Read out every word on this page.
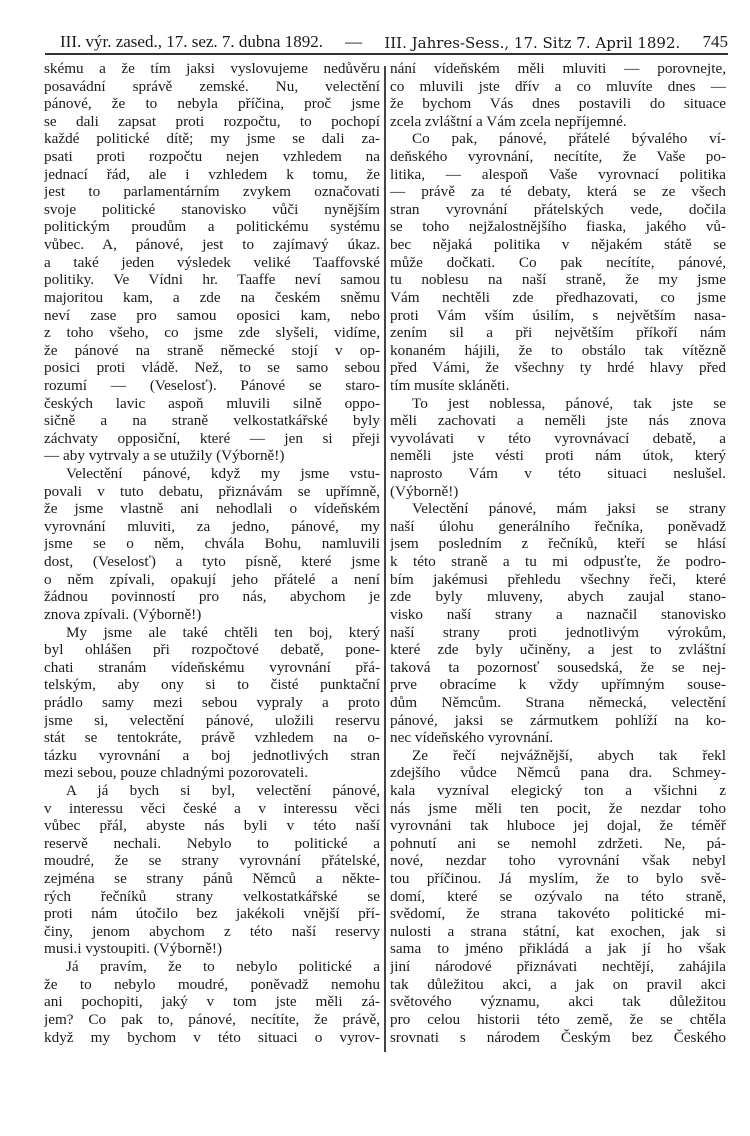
III. výr. zased., 17. sez. 7. dubna 1892. — III. Jahres-Sess., 17. Sitz 7. April 1892. 745
skému a že tím jaksi vyslovujeme nedůvěru
posavádní správě zemské. Nu, velectění
pánové, že to nebyla příčina, proč jsme
se dali zapsat proti rozpočtu, to pochopí
každé politické dítě; my jsme se dali za-
psati proti rozpočtu nejen vzhledem na
jednací řád, ale i vzhledem k tomu, že
jest to parlamentárním zvykem označovati
svoje politické stanovisko vůči nynějším
politickým proudům a politickému systému
vůbec. A, pánové, jest to zajímavý úkaz.
a také jeden výsledek veliké Taaffovské
politiky. Ve Vídni hr. Taaffe neví samou
majoritou kam, a zde na českém sněmu
neví zase pro samou oposici kam, nebo
z toho všeho, co jsme zde slyšeli, vidíme,
že pánové na straně německé stojí v op-
posici proti vládě. Než, to se samo sebou
rozumí — (Veselosť). Pánové se staro-
českých lavic aspoň mluvili silně oppo-
sičně a na straně velkostatkářské byly
záchvaty opposiční, které — jen si přeji
— aby vytrvaly a se utužily (Výborně!)
Velectění pánové, když my jsme vstu-
povali v tuto debatu, přiznávám se upřímně,
že jsme vlastně ani nehodlali o vídeňském
vyrovnání mluviti, za jedno, pánové, my
jsme se o něm, chvála Bohu, namluvili
dost, (Veselosť) a tyto písně, které jsme
o něm zpívali, opakují jeho přátelé a není
žádnou povinností pro nás, abychom je
znova zpívali. (Výborně!)
My jsme ale také chtěli ten boj, který
byl ohlášen při rozpočtové debatě, pone-
chati stranám vídeňskému vyrovnání přá-
telským, aby ony si to čisté punktační
prádlo samy mezi sebou vypraly a proto
jsme si, velectění pánové, uložili reservu
stát se tentokráte, právě vzhledem na o-
tázku vyrovnání a boj jednotlivých stran
mezi sebou, pouze chladnými pozorovateli.
A já bych si byl, velectění pánové,
v interessu věci české a v interessu věci
vůbec přál, abyste nás byli v této naší
reservě nechali. Nebylo to politické a
moudré, že se strany vyrovnání přátelské,
zejména se strany pánů Němců a někte-
rých řečníků strany velkostatkářské se
proti nám útočilo bez jakékoli vnější pří-
činy, jenom abychom z této naší reservy
musi.i vystoupiti. (Výborně!)
Já pravím, že to nebylo politické a
že to nebylo moudré, poněvadž nemohu
ani pochopiti, jaký v tom jste měli zá-
jem? Co pak to, pánové, necítíte, že právě,
když my bychom v této situaci o vyrov-
nání vídeňském měli mluviti — porovnejte,
co mluvili jste dřív a co mluvíte dnes —
že bychom Vás dnes postavili do situace
zcela zvláštní a Vám zcela nepříjemné.
Co pak, pánové, přátelé bývalého ví-
deňského vyrovnání, necítíte, že Vaše po-
litika, — alespoň Vaše vyrovnací politika
— právě za té debaty, která se ze všech
stran vyrovnání přátelských vede, dočila
se toho nejžalostnějšího fiaska, jakého vů-
bec nějaká politika v nějakém státě se
může dočkati. Co pak necítíte, pánové,
tu noblesu na naší straně, že my jsme
Vám nechtěli zde předhazovati, co jsme
proti Vám vším úsilím, s největším nasa-
zením sil a při největším příkoří nám
konaném hájili, že to obstálo tak vítězně
před Vámi, že všechny ty hrdé hlavy před
tím musíte skláněti.
To jest noblessa, pánové, tak jste se
měli zachovati a neměli jste nás znova
vyvolávati v této vyrovnávací debatě, a
neměli jste vésti proti nám útok, který
naprosto Vám v této situaci neslušel.
(Výborně!)
Velectění pánové, mám jaksi se strany
naší úlohu generálního řečníka, poněvadž
jsem posledním z řečníků, kteří se hlásí
k této straně a tu mi odpusťte, že podro-
bím jakémusi přehledu všechny řeči, které
zde byly mluveny, abych zaujal stano-
visko naší strany a naznačil stanovisko
naší strany proti jednotlivým výrokům,
které zde byly učiněny, a jest to zvláštní
taková ta pozornosť sousedská, že se nej-
prve obracíme k vždy upřímným souse-
dům Němcům. Strana německá, velectění
pánové, jaksi se zármutkem pohlíží na ko-
nec vídeňského vyrovnání.
Ze řečí nejvážnější, abych tak řekl
zdejšího vůdce Němců pana dra. Schmey-
kala vyzníval elegický ton a všichni z
nás jsme měli ten pocit, že nezdar toho
vyrovnáni tak hluboce jej dojal, že téměř
pohnutí ani se nemohl zdržeti. Ne, pá-
nové, nezdar toho vyrovnání však nebyl
tou příčinou. Já myslím, že to bylo svě-
domí, které se ozývalo na této straně,
svědomí, že strana takovéto politické mi-
nulosti a strana státní, kat exochen, jak si
sama to jméno přikládá a jak jí ho však
jiní národové přiznávati nechtějí, zahájila
tak důležitou akci, a jak on pravil akci
světového významu, akci tak důležitou
pro celou historii této země, že se chtěla
srovnati s národem Českým bez Českého
